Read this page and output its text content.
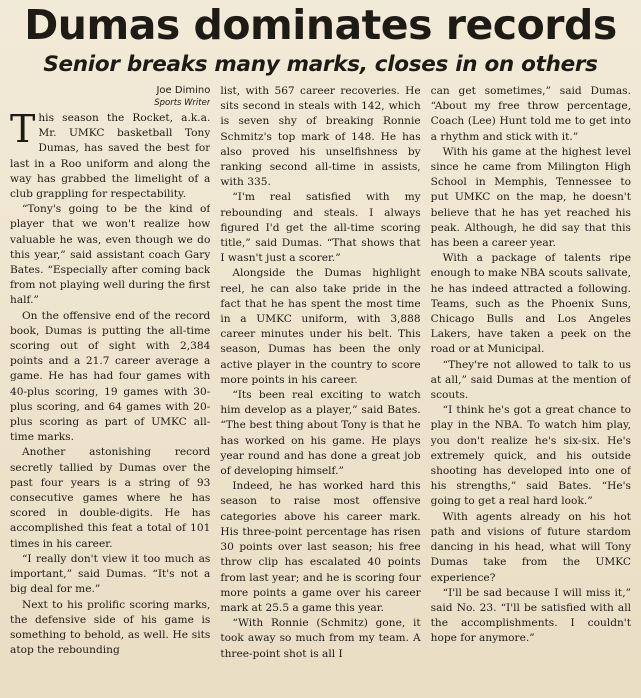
Dumas dominates records
Senior breaks many marks, closes in on others
Joe Dimino
Sports Writer

This season the Rocket, a.k.a. Mr. UMKC basketball Tony Dumas, has saved the best for last in a Roo uniform and along the way has grabbed the limelight of a club grappling for respectability.

“Tony's going to be the kind of player that we won't realize how valuable he was, even though we do this year,” said assistant coach Gary Bates. “Especially after coming back from not playing well during the first half.”

On the offensive end of the record book, Dumas is putting the all-time scoring out of sight with 2,384 points and a 21.7 career average a game. He has had four games with 40-plus scoring, 19 games with 30-plus scoring, and 64 games with 20-plus scoring as part of UMKC all-time marks.

Another astonishing record secretly tallied by Dumas over the past four years is a string of 93 consecutive games where he has scored in double-digits. He has accomplished this feat a total of 101 times in his career.

“I really don't view it too much as important,” said Dumas. “It's not a big deal for me.”

Next to his prolific scoring marks, the defensive side of his game is something to behold, as well. He sits atop the rebounding

list, with 567 career recoveries. He sits second in steals with 142, which is seven shy of breaking Ronnie Schmitz's top mark of 148. He has also proved his unselfishness by ranking second all-time in assists, with 335.

“I'm real satisfied with my rebounding and steals. I always figured I'd get the all-time scoring title,” said Dumas. “That shows that I wasn't just a scorer.”

Alongside the Dumas highlight reel, he can also take pride in the fact that he has spent the most time in a UMKC uniform, with 3,888 career minutes under his belt. This season, Dumas has been the only active player in the country to score more points in his career.

“Its been real exciting to watch him develop as a player,” said Bates. “The best thing about Tony is that he has worked on his game. He plays year round and has done a great job of developing himself.”

Indeed, he has worked hard this season to raise most offensive categories above his career mark. His three-point percentage has risen 30 points over last season; his free throw clip has escalated 40 points from last year; and he is scoring four more points a game over his career mark at 25.5 a game this year.

“With Ronnie (Schmitz) gone, it took away so much from my team. A three-point shot is all I

can get sometimes,” said Dumas. “About my free throw percentage, Coach (Lee) Hunt told me to get into a rhythm and stick with it.”

With his game at the highest level since he came from Milington High School in Memphis, Tennessee to put UMKC on the map, he doesn't believe that he has yet reached his peak. Although, he did say that this has been a career year.

With a package of talents ripe enough to make NBA scouts salivate, he has indeed attracted a following. Teams, such as the Phoenix Suns, Chicago Bulls and Los Angeles Lakers, have taken a peek on the road or at Municipal.

“They're not allowed to talk to us at all,” said Dumas at the mention of scouts.

“I think he's got a great chance to play in the NBA. To watch him play, you don't realize he's six-six. He's extremely quick, and his outside shooting has developed into one of his strengths,” said Bates. “He's going to get a real hard look.”

With agents already on his hot path and visions of future stardom dancing in his head, what will Tony Dumas take from the UMKC experience?

“I'll be sad because I will miss it,” said No. 23. “I'll be satisfied with all the accomplishments. I couldn't hope for anymore.”
